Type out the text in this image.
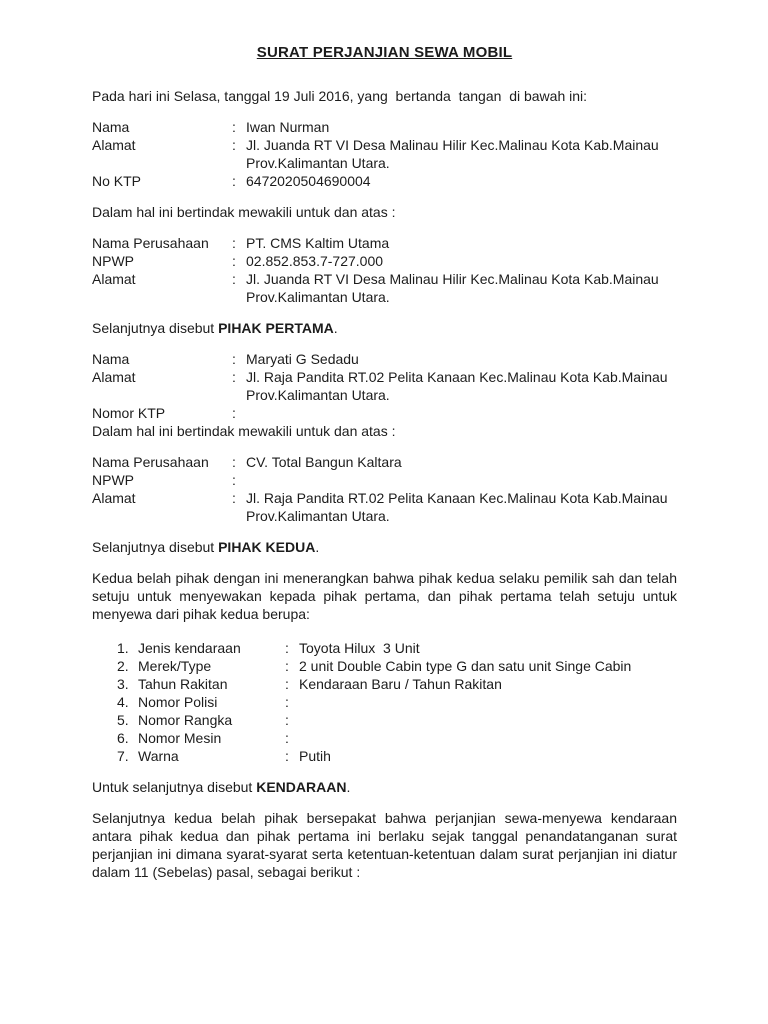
SURAT PERJANJIAN SEWA MOBIL
Pada hari ini Selasa, tanggal 19 Juli 2016, yang  bertanda  tangan  di bawah ini:
Nama	: Iwan Nurman
Alamat	: Jl. Juanda RT VI Desa Malinau Hilir Kec.Malinau Kota Kab.Mainau Prov.Kalimantan Utara.
No KTP	: 6472020504690004
Dalam hal ini bertindak mewakili untuk dan atas :
Nama Perusahaan	: PT. CMS Kaltim Utama
NPWP	: 02.852.853.7-727.000
Alamat	: Jl. Juanda RT VI Desa Malinau Hilir Kec.Malinau Kota Kab.Mainau Prov.Kalimantan Utara.
Selanjutnya disebut PIHAK PERTAMA.
Nama	: Maryati G Sedadu
Alamat	: Jl. Raja Pandita RT.02 Pelita Kanaan Kec.Malinau Kota Kab.Mainau Prov.Kalimantan Utara.
Nomor KTP	:
Dalam hal ini bertindak mewakili untuk dan atas :
Nama Perusahaan	: CV. Total Bangun Kaltara
NPWP	:
Alamat	: Jl. Raja Pandita RT.02 Pelita Kanaan Kec.Malinau Kota Kab.Mainau Prov.Kalimantan Utara.
Selanjutnya disebut PIHAK KEDUA.
Kedua belah pihak dengan ini menerangkan bahwa pihak kedua selaku pemilik sah dan telah setuju untuk menyewakan kepada pihak pertama, dan pihak pertama telah setuju untuk menyewa dari pihak kedua berupa:
1. Jenis kendaraan	: Toyota Hilux  3 Unit
2. Merek/Type	: 2 unit Double Cabin type G dan satu unit Singe Cabin
3. Tahun Rakitan	: Kendaraan Baru / Tahun Rakitan
4. Nomor Polisi	:
5. Nomor Rangka	:
6. Nomor Mesin	:
7. Warna	: Putih
Untuk selanjutnya disebut KENDARAAN.
Selanjutnya kedua belah pihak bersepakat bahwa perjanjian sewa-menyewa kendaraan antara pihak kedua dan pihak pertama ini berlaku sejak tanggal penandatanganan surat perjanjian ini dimana syarat-syarat serta ketentuan-ketentuan dalam surat perjanjian ini diatur dalam 11 (Sebelas) pasal, sebagai berikut :
